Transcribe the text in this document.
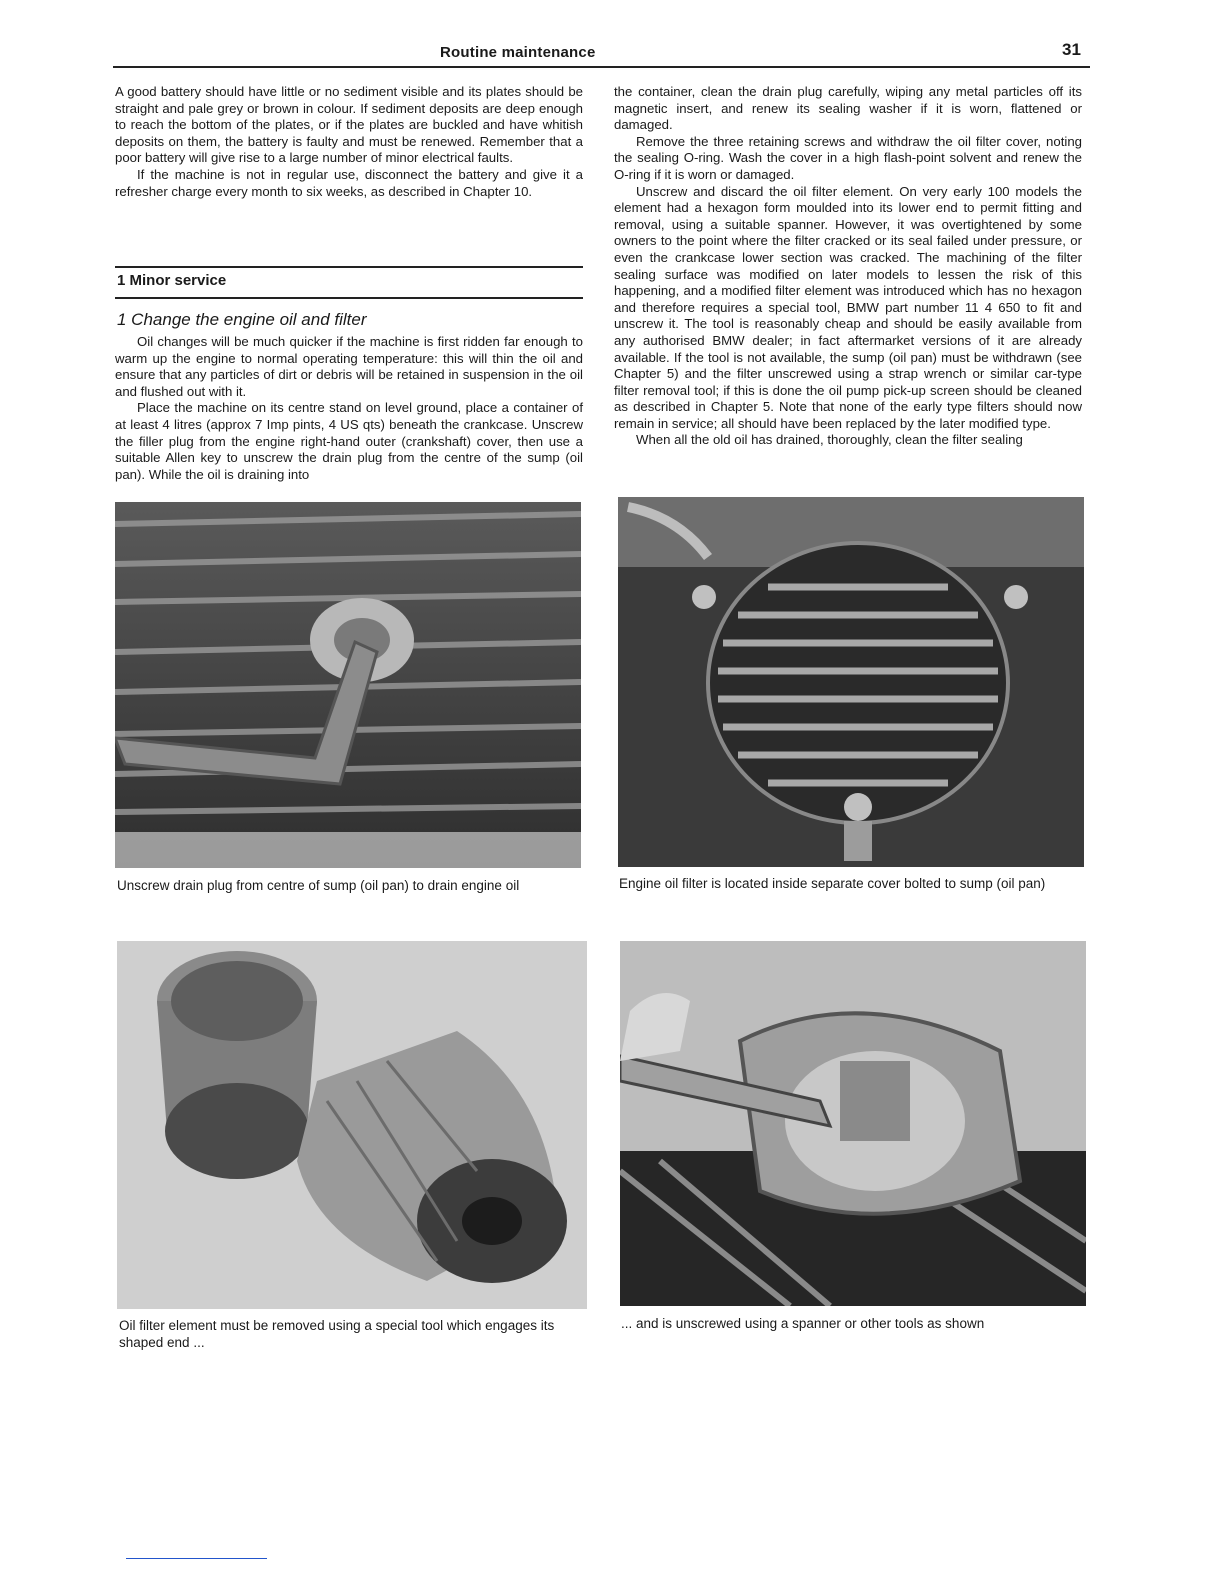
Routine maintenance	31

A good battery should have little or no sediment visible and its plates should be straight and pale grey or brown in colour. If sediment deposits are deep enough to reach the bottom of the plates, or if the plates are buckled and have whitish deposits on them, the battery is faulty and must be renewed. Remember that a poor battery will give rise to a large number of minor electrical faults.

If the machine is not in regular use, disconnect the battery and give it a refresher charge every month to six weeks, as described in Chapter 10.

1 Minor service
1 Change the engine oil and filter

Oil changes will be much quicker if the machine is first ridden far enough to warm up the engine to normal operating temperature: this will thin the oil and ensure that any particles of dirt or debris will be retained in suspension in the oil and flushed out with it.

Place the machine on its centre stand on level ground, place a container of at least 4 litres (approx 7 Imp pints, 4 US qts) beneath the crankcase. Unscrew the filler plug from the engine right-hand outer (crankshaft) cover, then use a suitable Allen key to unscrew the drain plug from the centre of the sump (oil pan). While the oil is draining into

the container, clean the drain plug carefully, wiping any metal particles off its magnetic insert, and renew its sealing washer if it is worn, flattened or damaged.

Remove the three retaining screws and withdraw the oil filter cover, noting the sealing O-ring. Wash the cover in a high flash-point solvent and renew the O-ring if it is worn or damaged.

Unscrew and discard the oil filter element. On very early 100 models the element had a hexagon form moulded into its lower end to permit fitting and removal, using a suitable spanner. However, it was overtightened by some owners to the point where the filter cracked or its seal failed under pressure, or even the crankcase lower section was cracked. The machining of the filter sealing surface was modified on later models to lessen the risk of this happening, and a modified filter element was introduced which has no hexagon and therefore requires a special tool, BMW part number 11 4 650 to fit and unscrew it. The tool is reasonably cheap and should be easily available from any authorised BMW dealer; in fact aftermarket versions of it are already available. If the tool is not available, the sump (oil pan) must be withdrawn (see Chapter 5) and the filter unscrewed using a strap wrench or similar car-type filter removal tool; if this is done the oil pump pick-up screen should be cleaned as described in Chapter 5. Note that none of the early type filters should now remain in service; all should have been replaced by the later modified type.

When all the old oil has drained, thoroughly, clean the filter sealing

Unscrew drain plug from centre of sump (oil pan) to drain engine oil	Engine oil filter is located inside separate cover bolted to sump (oil pan)
Oil filter element must be removed using a special tool which engages its shaped end ...
... and is unscrewed using a spanner or other tools as shown
